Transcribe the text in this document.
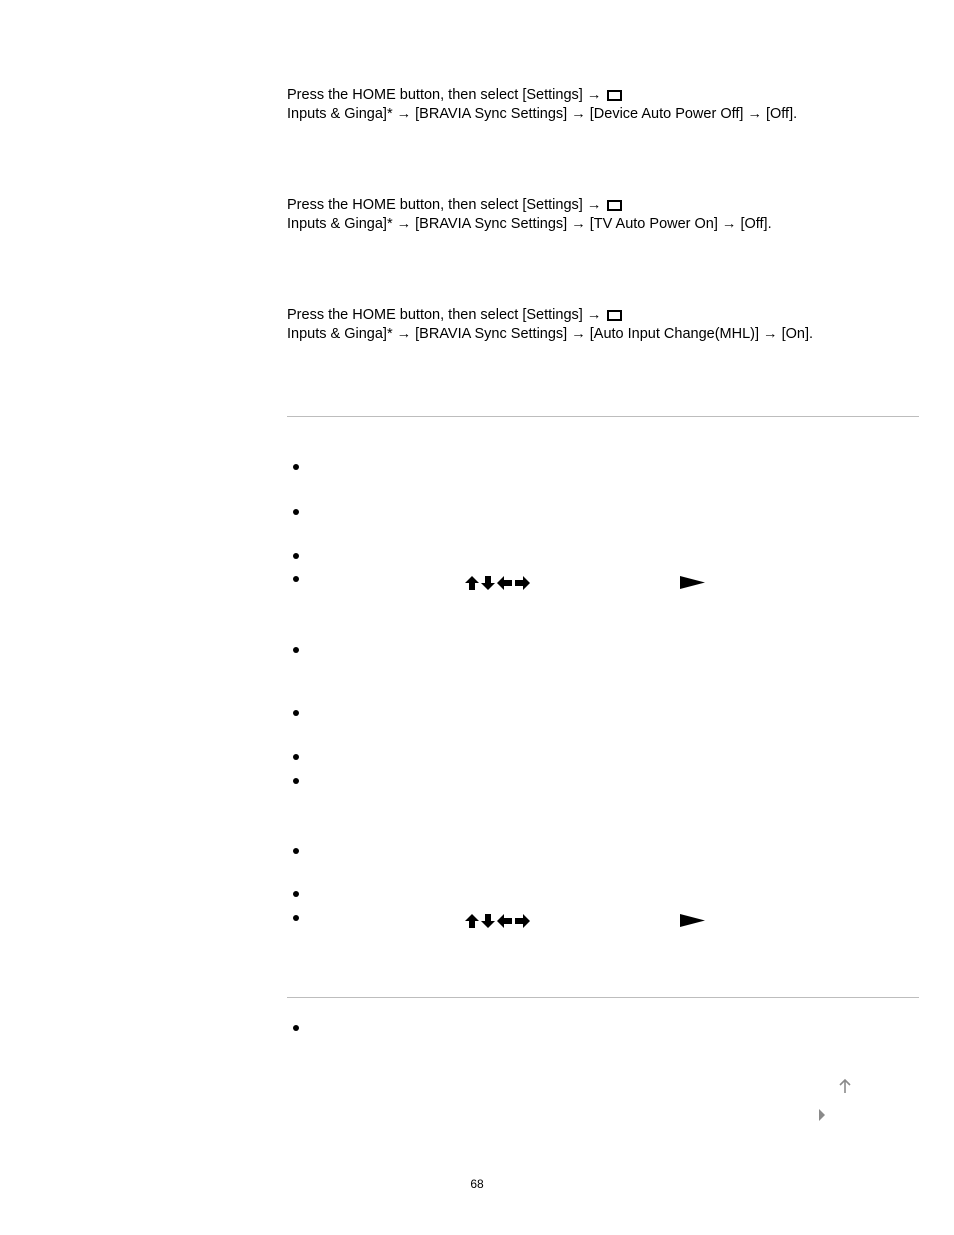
Press the HOME button, then select [Settings] →
Inputs & Ginga]* → [BRAVIA Sync Settings] → [Device Auto Power Off] → [Off].

Press the HOME button, then select [Settings] →
Inputs & Ginga]* → [BRAVIA Sync Settings] → [TV Auto Power On] → [Off].

Press the HOME button, then select [Settings] →
Inputs & Ginga]* → [BRAVIA Sync Settings] → [Auto Input Change(MHL)] → [On].

68
